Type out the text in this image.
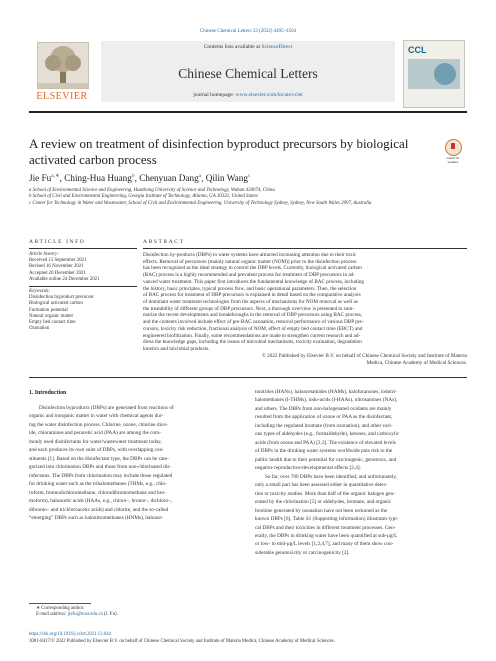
Chinese Chemical Letters 33 (2022) 4495–4504
ELSEVIER
Contents lists available at ScienceDirect
Chinese Chemical Letters
journal homepage: www.elsevier.com/locate/cclet
CCL
A review on treatment of disinfection byproduct precursors by biological activated carbon process	Check for updates
Jie $Fu^{a,∗}$, Ching-Hua Huang$^b$, Chenyuan Dang$^a$, Qilin Wang$^c$
a School of Environmental Science and Engineering, Huazhong University of Science and Technology, Wuhan 430074, China
b School of Civil and Environmental Engineering, Georgia Institute of Technology, Atlanta, GA 30332, United States
c Center for Technology in Water and Wastewater, School of Civil and Environmental Engineering, University of Technology Sydney, Sydney, New South Wales 2007, Australia
ARTICLE INFO	ABSTRACT
Article history:
Received 15 September 2021
Revised 16 November 2021
Accepted 20 December 2021
Available online 24 December 2021
Keywords:
Disinfection byproduct precursor
Biological activated carbon
Formation potential
Natural organic matter
Empty bed contact time
Ozonation

Disinfection by-products (DBPs) in water systems have attracted increasing attention due to their toxic

effects. Removal of precursors (mainly natural organic matter (NOM)) prior to the disinfection process

has been recognized as the ideal strategy to control the DBP levels. Currently, biological activated carbon

(BAC) process is a highly recommended and prevalent process for treatment of DBP precursors in ad-

vanced water treatment. This paper first introduces the fundamental knowledge of BAC process, including

the history, basic principles, typical process flow, and basic operational parameters. Then, the selection

of BAC process for treatment of DBP precursors is explained in detail based on the comparative analysis

of dominant water treatment technologies from the aspects of mechanisms for NOM removal as well as

the treatability of different groups of DBP precursors. Next, a thorough overview is presented to sum-

marize the recent developments and breakthroughs in the removal of DBP precursors using BAC process,

and the contents involved include effect of pre-BAC ozonation, removal performance of various DBP pre-

cursors, toxicity risk reduction, fractional analysis of NOM, effect of empty bed contact time (EBCT) and

engineered biofiltration. Finally, some recommendations are made to strengthen current research and ad-

dress the knowledge gaps, including the issues of microbial mechanisms, toxicity evaluation, degradation

kinetics and microbial products.

© 2022 Published by Elsevier B.V. on behalf of Chinese Chemical Society and Institute of Materia

Medica, Chinese Academy of Medical Sciences.

1. Introduction

Disinfection byproducts (DBPs) are generated from reactions of

organic and inorganic matter in water with chemical agents dur-

ing the water disinfection process. Chlorine, ozone, chlorine diox-

ide, chloramines and peracetic acid (PAA) are among the com-

monly used disinfectants for water/wastewater treatment today,

and each produces its own suite of DBPs, with overlapping con-

stituents [1]. Based on the disinfectant type, the DBPs can be cate-

gorized into chlorination DBPs and those from non-chlorinated dis-

infectants. The DBPs from chlorination may include those regulated

for drinking water such as the trihalomethanes (THMs, e.g., chlo-

roform, bromodichloromethane, chlorodibromomethane and bro-

moform), haloacetic acids (HAAs, e.g., chloro–, bromo–, dichloro–,

dibromo– and trichloroacetic acids) and chlorite, and the so-called

“emerging” DBPs such as halonitromethanes (HNMs), haloace-

tonitriles (HANs), haloacetamides (HAMs), halofuranones, iodotri-

halomethanes (I-THMs), iodo-acids (I-HAAs), nitrosamines (NAs),

and others. The DBPs from non-halogenated oxidants are mainly

resulted from the application of ozone or PAA as the disinfectant,

including the regulated bromate (from ozonation), and other vari-

ous types of aldehydes (e.g., formaldehyde), ketones, and carboxylic

acids (from ozone and PAA) [2,3]. The existence of elevated levels

of DBPs in the drinking water systems worldwide puts risk to the

public health due to their potential for carcinogenic, genotoxic, and

negative reproductive/developmental effects [2,4].

So far, over 700 DBPs have been identified, and unfortunately,

only a small part has been assessed either in quantitative detec-

tion or toxicity studies. More than half of the organic halogen gen-

erated by the chlorination [5] or aldehydes, bromate, and organic

bromine generated by ozonation have not been reckoned as the

known DBPs [6]. Table S1 (Supporting information) illustrates typi-

cal DBPs and their toxicities in different treatment processes. Gen-

erally, the DBPs in drinking water have been quantified at sub-μg/L

or low- to mid-μg/L levels [1,2,4,7], and many of them show con-

siderable genotoxicity or carcinogenicity [2].

∗ Corresponding author.
E-mail address: jiefu@hust.edu.cn (J. Fu).
https://doi.org/10.1016/j.cclet.2021.12.044
1001-8417/© 2022 Published by Elsevier B.V. on behalf of Chinese Chemical Society and Institute of Materia Medica, Chinese Academy of Medical Sciences.
